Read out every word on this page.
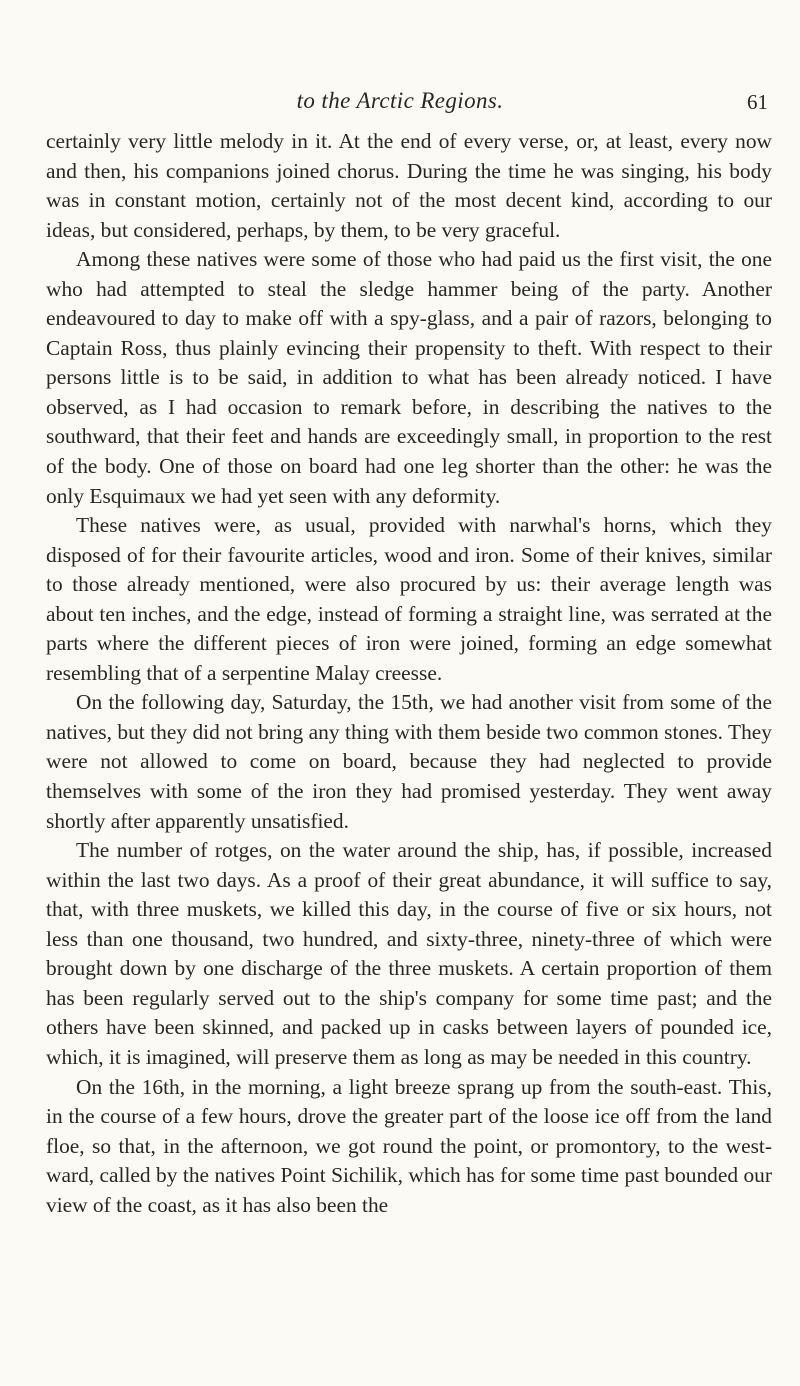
to the Arctic Regions.	61

certainly very little melody in it. At the end of every verse, or, at least, every now and then, his companions joined chorus. During the time he was singing, his body was in constant motion, certainly not of the most decent kind, according to our ideas, but considered, perhaps, by them, to be very graceful.

Among these natives were some of those who had paid us the first visit, the one who had attempted to steal the sledge hammer being of the party. Another endeavoured to day to make off with a spy-glass, and a pair of razors, belonging to Captain Ross, thus plainly evincing their propensity to theft. With respect to their persons little is to be said, in addition to what has been already noticed. I have observed, as I had occasion to remark before, in describing the natives to the southward, that their feet and hands are exceedingly small, in proportion to the rest of the body. One of those on board had one leg shorter than the other: he was the only Esquimaux we had yet seen with any deformity.

These natives were, as usual, provided with narwhal's horns, which they disposed of for their favourite articles, wood and iron. Some of their knives, similar to those already mentioned, were also procured by us: their average length was about ten inches, and the edge, instead of forming a straight line, was serrated at the parts where the different pieces of iron were joined, forming an edge somewhat resembling that of a serpentine Malay creesse.

On the following day, Saturday, the 15th, we had another visit from some of the natives, but they did not bring any thing with them beside two common stones. They were not allowed to come on board, because they had neglected to provide themselves with some of the iron they had promised yesterday. They went away shortly after apparently unsatisfied.

The number of rotges, on the water around the ship, has, if possible, increased within the last two days. As a proof of their great abundance, it will suffice to say, that, with three muskets, we killed this day, in the course of five or six hours, not less than one thousand, two hundred, and sixty-three, ninety-three of which were brought down by one discharge of the three muskets. A certain proportion of them has been regularly served out to the ship's company for some time past; and the others have been skinned, and packed up in casks between layers of pounded ice, which, it is imagined, will preserve them as long as may be needed in this country.

On the 16th, in the morning, a light breeze sprang up from the south-east. This, in the course of a few hours, drove the greater part of the loose ice off from the land floe, so that, in the afternoon, we got round the point, or promontory, to the west-ward, called by the natives Point Sichilik, which has for some time past bounded our view of the coast, as it has also been the
